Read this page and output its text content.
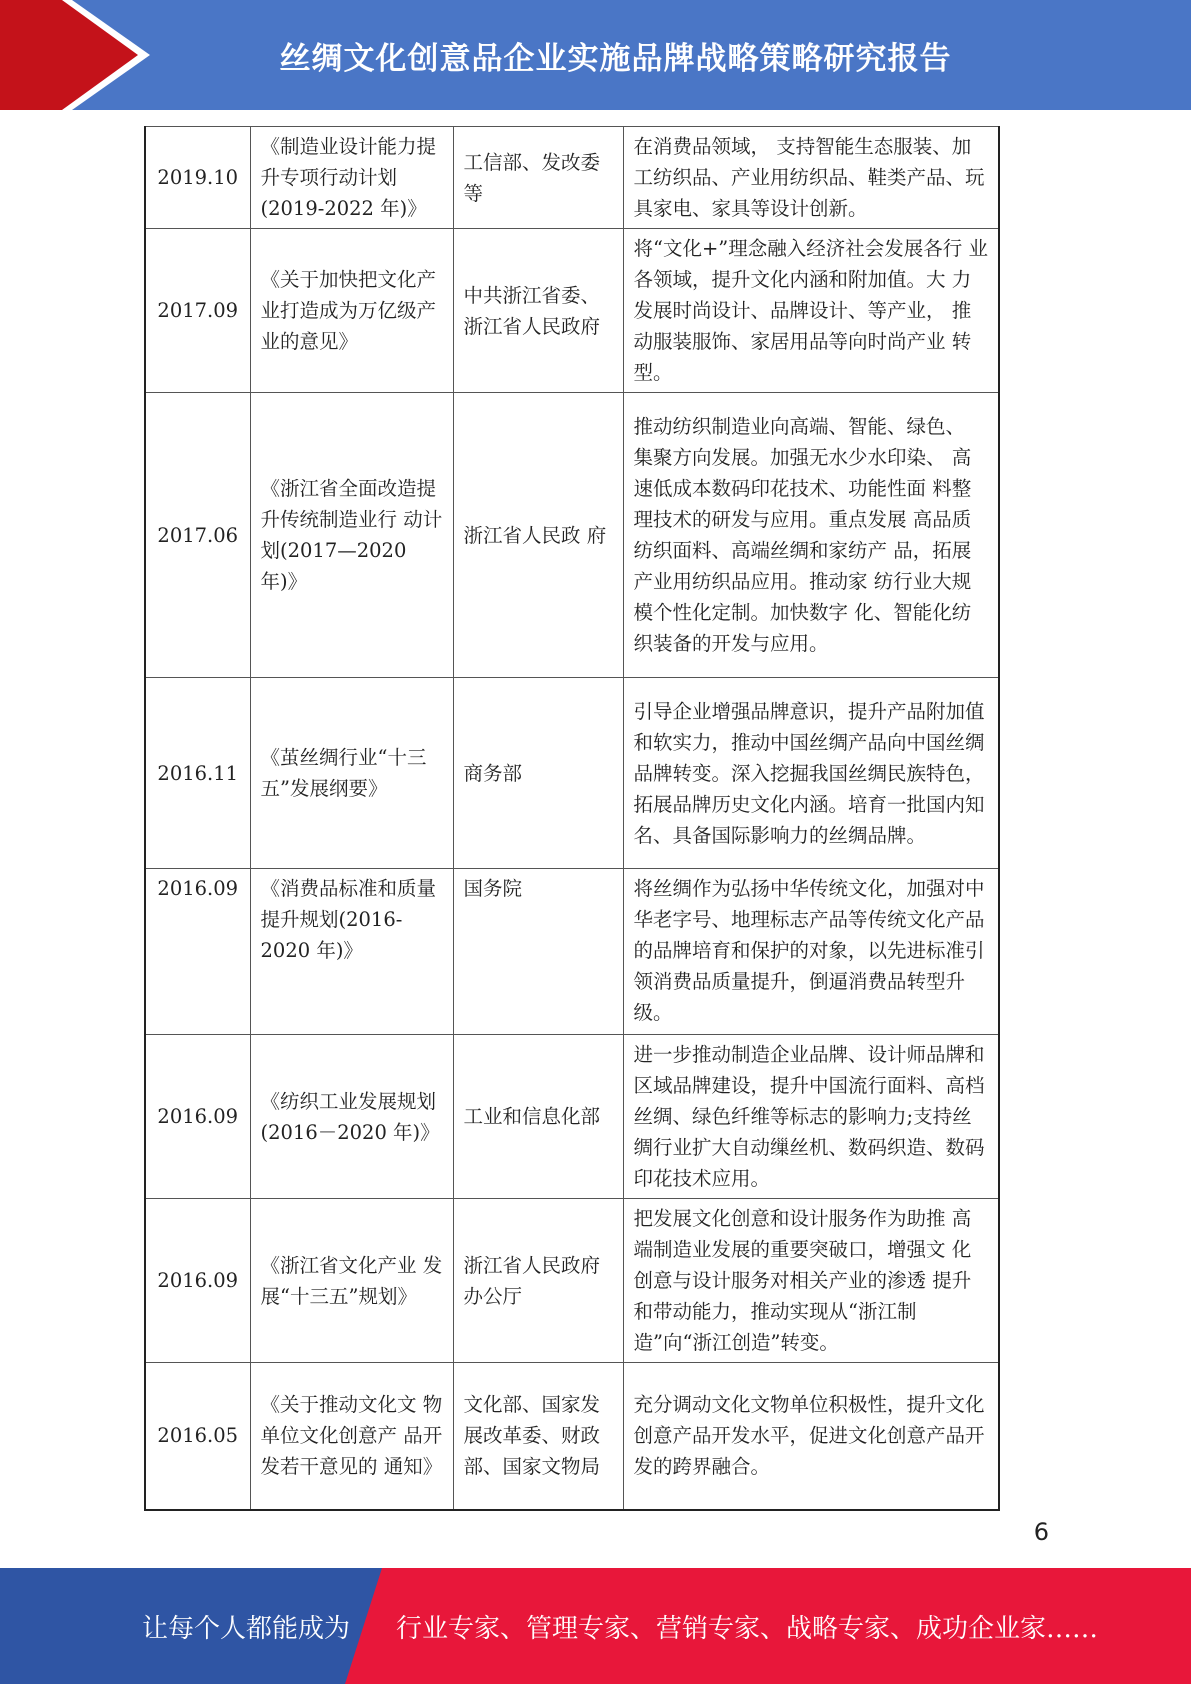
丝绸文化创意品企业实施品牌战略策略研究报告
2019.10	《制造业设计能力提升专项行动计划(2019-2022 年)》	工信部、发改委等	在消费品领域， 支持智能生态服装、加工纺织品、产业用纺织品、鞋类产品、玩具家电、家具等设计创新。
2017.09	《关于加快把文化产业打造成为万亿级产业的意见》	中共浙江省委、浙江省人民政府	将“文化+”理念融入经济社会发展各行 业各领域，提升文化内涵和附加值。大 力发展时尚设计、品牌设计、等产业， 推动服装服饰、家居用品等向时尚产业 转型。
2017.06	《浙江省全面改造提升传统制造业行 动计划(2017—2020 年)》	浙江省人民政 府	推动纺织制造业向高端、智能、绿色、 集聚方向发展。加强无水少水印染、 高速低成本数码印花技术、功能性面 料整理技术的研发与应用。重点发展 高品质纺织面料、高端丝绸和家纺产 品，拓展产业用纺织品应用。推动家 纺行业大规模个性化定制。加快数字 化、智能化纺织装备的开发与应用。
2016.11	《茧丝绸行业“十三五”发展纲要》	商务部	引导企业增强品牌意识，提升产品附加值和软实力，推动中国丝绸产品向中国丝绸品牌转变。深入挖掘我国丝绸民族特色，拓展品牌历史文化内涵。培育一批国内知名、具备国际影响力的丝绸品牌。
2016.09	《消费品标准和质量提升规划(2016-2020 年)》	国务院	将丝绸作为弘扬中华传统文化，加强对中华老字号、地理标志产品等传统文化产品的品牌培育和保护的对象，以先进标准引领消费品质量提升，倒逼消费品转型升级。
2016.09	《纺织工业发展规划(2016－2020 年)》	工业和信息化部	进一步推动制造企业品牌、设计师品牌和区域品牌建设，提升中国流行面料、高档丝绸、绿色纤维等标志的影响力;支持丝绸行业扩大自动缫丝机、数码织造、数码印花技术应用。
2016.09	《浙江省文化产业 发展“十三五”规划》	浙江省人民政府 办公厅	把发展文化创意和设计服务作为助推 高端制造业发展的重要突破口，增强文 化创意与设计服务对相关产业的渗透 提升和带动能力，推动实现从“浙江制 造”向“浙江创造”转变。
2016.05	《关于推动文化文 物单位文化创意产 品开发若干意见的 通知》	文化部、国家发 展改革委、财政 部、国家文物局	充分调动文化文物单位积极性，提升文化创意产品开发水平，促进文化创意产品开发的跨界融合。
6
让每个人都能成为 行业专家、管理专家、营销专家、战略专家、成功企业家……
